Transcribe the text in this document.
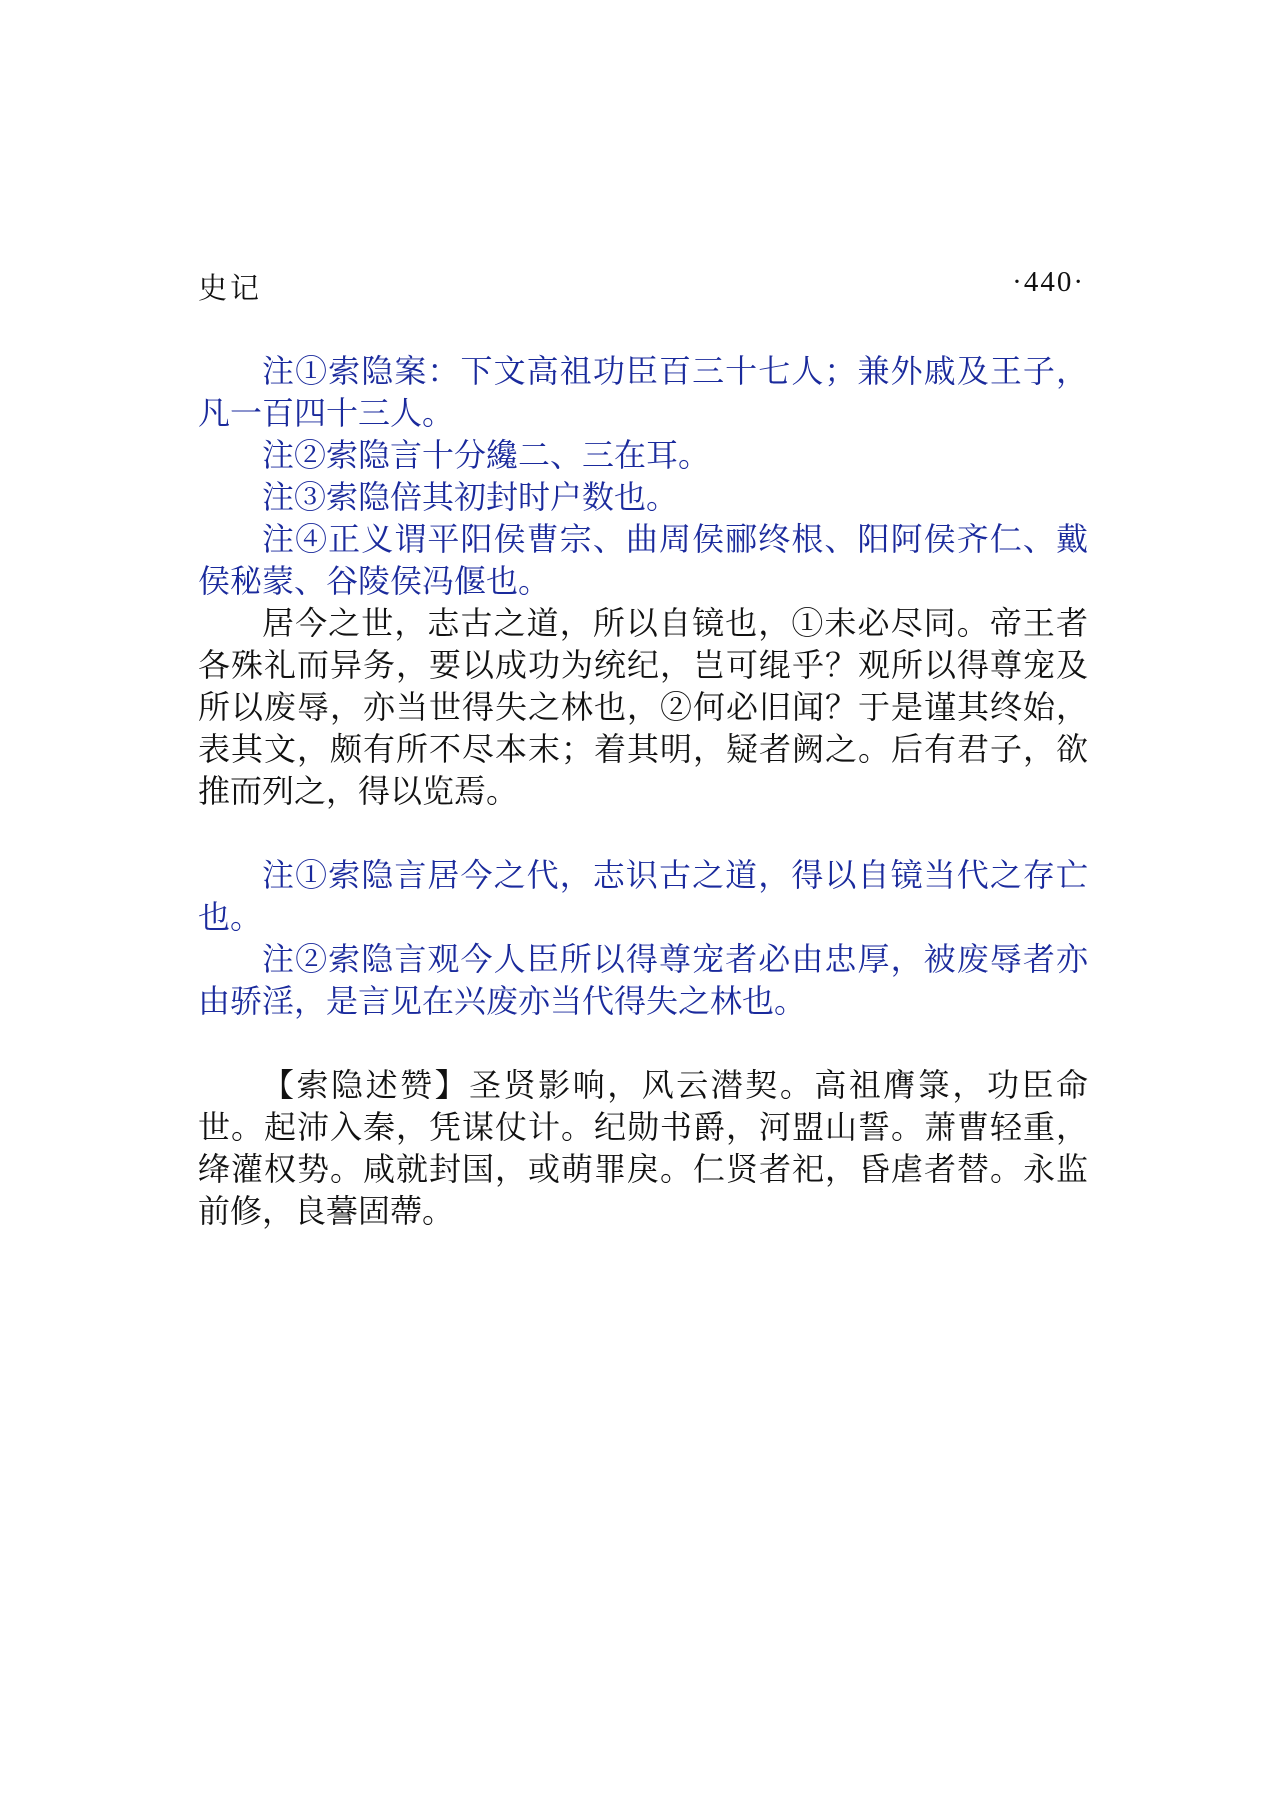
史记	·440·

注①索隐案：下文高祖功臣百三十七人；兼外戚及王子，凡一百四十三人。

注②索隐言十分纔二、三在耳。

注③索隐倍其初封时户数也。

注④正义谓平阳侯曹宗、曲周侯郦终根、阳阿侯齐仁、戴侯秘蒙、谷陵侯冯偃也。

居今之世，志古之道，所以自镜也，①未必尽同。帝王者各殊礼而异务，要以成功为统纪，岂可绲乎？观所以得尊宠及所以废辱，亦当世得失之林也，②何必旧闻？于是谨其终始，表其文，颇有所不尽本末；着其明，疑者阙之。后有君子，欲推而列之，得以览焉。

注①索隐言居今之代，志识古之道，得以自镜当代之存亡也。

注②索隐言观今人臣所以得尊宠者必由忠厚，被废辱者亦由骄淫，是言见在兴废亦当代得失之林也。

【索隐述赞】圣贤影响，风云潜契。高祖膺箓，功臣命世。起沛入秦，凭谋仗计。纪勋书爵，河盟山誓。萧曹轻重，绛灌权势。咸就封国，或萌罪戾。仁贤者祀，昏虐者替。永监前修，良謩固蔕。
